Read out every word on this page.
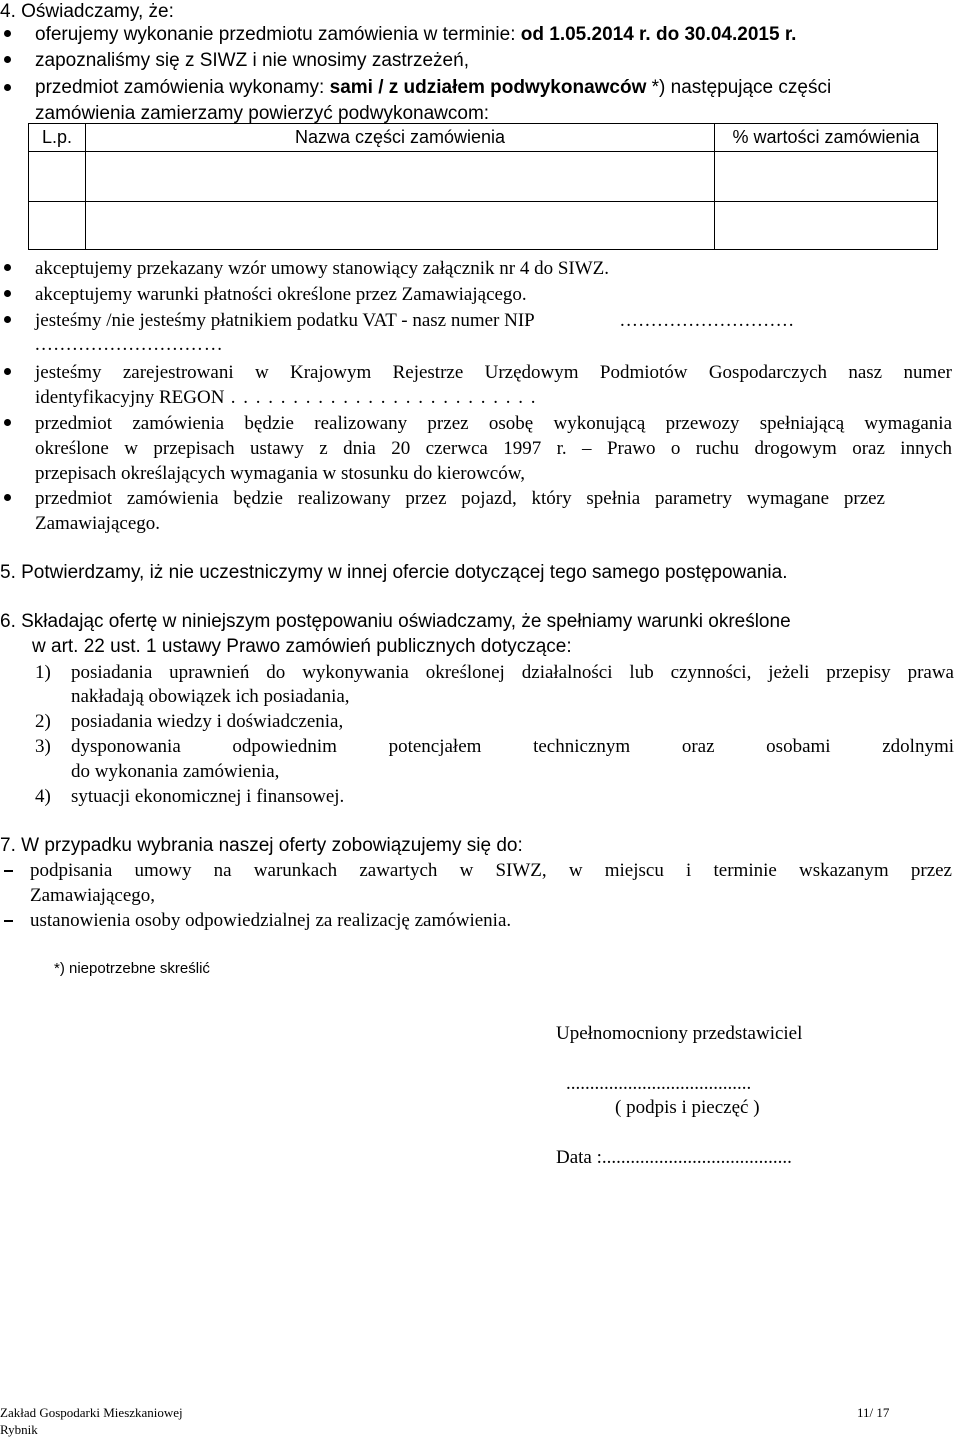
4. Oświadczamy, że:
oferujemy wykonanie przedmiotu zamówienia w terminie: od 1.05.2014 r. do 30.04.2015 r.
zapoznaliśmy się z SIWZ i nie wnosimy zastrzeżeń,
przedmiot zamówienia wykonamy: sami / z udziałem podwykonawców *) następujące części
zamówienia zamierzamy powierzyć podwykonawcom:
L.p.	Nazwa części zamówienia	% wartości zamówienia

akceptujemy przekazany wzór umowy stanowiący załącznik nr 4 do SIWZ.
akceptujemy warunki płatności określone przez Zamawiającego.
jesteśmy /nie jesteśmy płatnikiem podatku VAT - nasz numer NIP	............................
...........................…
jesteśmy zarejestrowani w Krajowym Rejestrze Urzędowym Podmiotów Gospodarczych nasz numer
identyfikacyjny REGON . . . . . . . . . . . . . . . . . . . . . . . . .
przedmiot zamówienia będzie realizowany przez osobę wykonującą przewozy spełniającą wymagania
określone w przepisach ustawy z dnia 20 czerwca 1997 r. – Prawo o ruchu drogowym oraz innych
przepisach określających wymagania w stosunku do kierowców,
przedmiot zamówienia będzie realizowany przez pojazd, który spełnia parametry wymagane przez
Zamawiającego.
5. Potwierdzamy, iż nie uczestniczymy w innej ofercie dotyczącej tego samego postępowania.
6. Składając ofertę w niniejszym postępowaniu oświadczamy, że spełniamy warunki określone
w art. 22 ust. 1 ustawy Prawo zamówień publicznych dotyczące:
1) posiadania uprawnień do wykonywania określonej działalności lub czynności, jeżeli przepisy prawa
nakładają obowiązek ich posiadania,
2) posiadania wiedzy i doświadczenia,
3) dysponowania odpowiednim potencjałem technicznym oraz osobami zdolnymi
do wykonania zamówienia,
4) sytuacji ekonomicznej i finansowej.
7. W przypadku wybrania naszej oferty zobowiązujemy się do:
podpisania umowy na warunkach zawartych w SIWZ, w miejscu i terminie wskazanym przez
Zamawiającego,
ustanowienia osoby odpowiedzialnej za realizację zamówienia.
*) niepotrzebne skreślić
Upełnomocniony przedstawiciel
.......................................
( podpis i pieczęć )
Data :........................................
Zakład Gospodarki Mieszkaniowej
Rybnik
11/ 17
